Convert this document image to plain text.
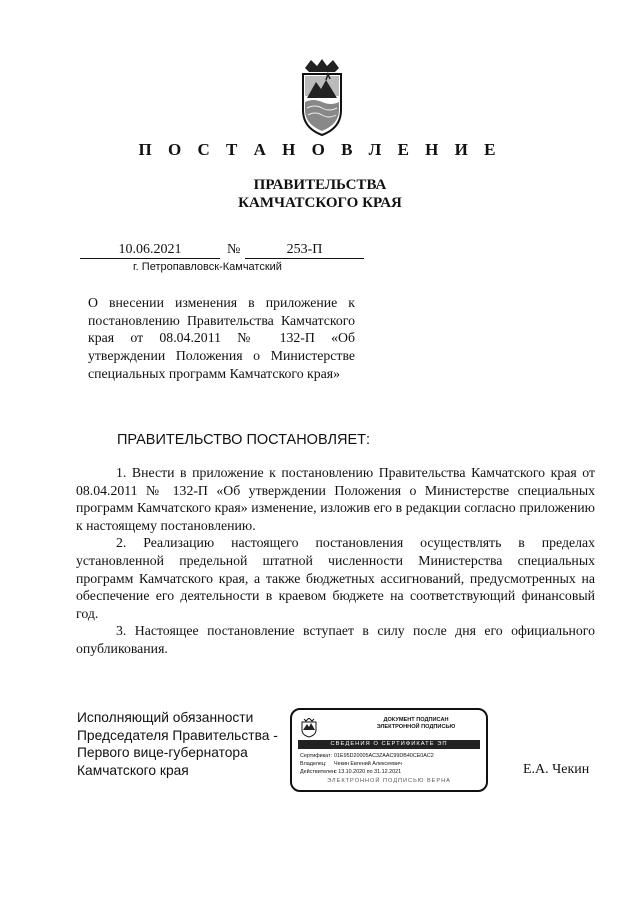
П О С Т А Н О В Л Е Н И Е
ПРАВИТЕЛЬСТВА
КАМЧАТСКОГО КРАЯ
10.06.2021	№	253-П
г. Петропавловск-Камчатский
О внесении изменения в приложение к постановлению Правительства Камчатского края от 08.04.2011 № 132-П «Об утверждении Положения о Министерстве специальных программ Камчатского края»
ПРАВИТЕЛЬСТВО ПОСТАНОВЛЯЕТ:

1. Внести в приложение к постановлению Правительства Камчатского края от 08.04.2011 № 132-П «Об утверждении Положения о Министерстве специальных программ Камчатского края» изменение, изложив его в редакции согласно приложению к настоящему постановлению.

2. Реализацию настоящего постановления осуществлять в пределах установленной предельной штатной численности Министерства специальных программ Камчатского края, а также бюджетных ассигнований, предусмотренных на обеспечение его деятельности в краевом бюджете на соответствующий финансовый год.

3. Настоящее постановление вступает в силу после дня его официального опубликования.

Исполняющий обязанности
Председателя Правительства -
Первого вице-губернатора
Камчатского края
ДОКУМЕНТ ПОДПИСАН
ЭЛЕКТРОННОЙ ПОДПИСЬЮ
СВЕДЕНИЯ О СЕРТИФИКАТЕ ЭП
Сертификат: 01E95D20005AC3ZAAC99DB40CE0AC2
Владелец: Чекин Евгений Алексеевич
Действителен:с 13.10.2020 по 31.12.2021
ЭЛЕКТРОННОЙ ПОДПИСЬЮ ВЕРНА
Е.А. Чекин
